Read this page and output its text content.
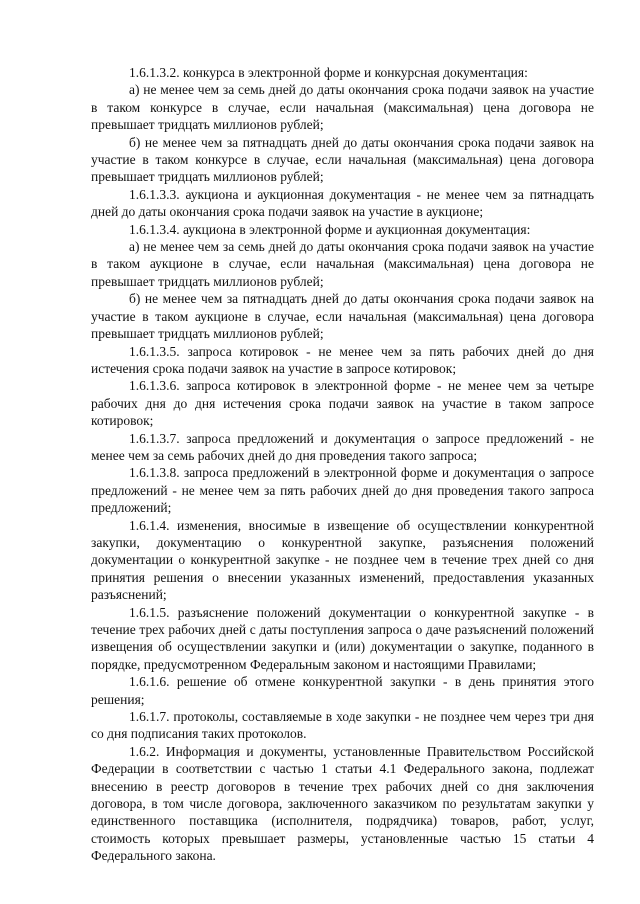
1.6.1.3.2. конкурса в электронной форме и конкурсная документация:

а) не менее чем за семь дней до даты окончания срока подачи заявок на участие в таком конкурсе в случае, если начальная (максимальная) цена договора не превышает тридцать миллионов рублей;

б) не менее чем за пятнадцать дней до даты окончания срока подачи заявок на участие в таком конкурсе в случае, если начальная (максимальная) цена договора превышает тридцать миллионов рублей;

1.6.1.3.3. аукциона и аукционная документация - не менее чем за пятнадцать дней до даты окончания срока подачи заявок на участие в аукционе;

1.6.1.3.4. аукциона в электронной форме и аукционная документация:

а) не менее чем за семь дней до даты окончания срока подачи заявок на участие в таком аукционе в случае, если начальная (максимальная) цена договора не превышает тридцать миллионов рублей;

б) не менее чем за пятнадцать дней до даты окончания срока подачи заявок на участие в таком аукционе в случае, если начальная (максимальная) цена договора превышает тридцать миллионов рублей;

1.6.1.3.5. запроса котировок - не менее чем за пять рабочих дней до дня истечения срока подачи заявок на участие в запросе котировок;

1.6.1.3.6. запроса котировок в электронной форме - не менее чем за четыре рабочих дня до дня истечения срока подачи заявок на участие в таком запросе котировок;

1.6.1.3.7. запроса предложений и документация о запросе предложений - не менее чем за семь рабочих дней до дня проведения такого запроса;

1.6.1.3.8. запроса предложений в электронной форме и документация о запросе предложений - не менее чем за пять рабочих дней до дня проведения такого запроса предложений;

1.6.1.4. изменения, вносимые в извещение об осуществлении конкурентной закупки, документацию о конкурентной закупке, разъяснения положений документации о конкурентной закупке - не позднее чем в течение трех дней со дня принятия решения о внесении указанных изменений, предоставления указанных разъяснений;

1.6.1.5. разъяснение положений документации о конкурентной закупке - в течение трех рабочих дней с даты поступления запроса о даче разъяснений положений извещения об осуществлении закупки и (или) документации о закупке, поданного в порядке, предусмотренном Федеральным законом и настоящими Правилами;

1.6.1.6. решение об отмене конкурентной закупки - в день принятия этого решения;

1.6.1.7. протоколы, составляемые в ходе закупки - не позднее чем через три дня со дня подписания таких протоколов.

1.6.2. Информация и документы, установленные Правительством Российской Федерации в соответствии с частью 1 статьи 4.1 Федерального закона, подлежат внесению в реестр договоров в течение трех рабочих дней со дня заключения договора, в том числе договора, заключенного заказчиком по результатам закупки у единственного поставщика (исполнителя, подрядчика) товаров, работ, услуг, стоимость которых превышает размеры, установленные частью 15 статьи 4 Федерального закона.
